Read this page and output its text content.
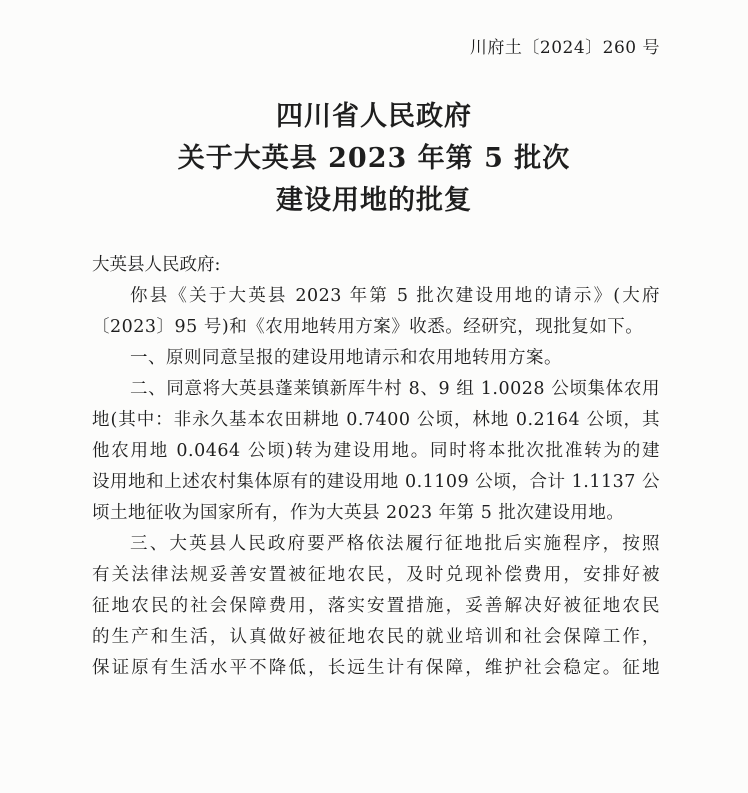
川府土〔2024〕260 号
四川省人民政府
关于大英县 2023 年第 5 批次
建设用地的批复
大英县人民政府:
你县《关于大英县 2023 年第 5 批次建设用地的请示》(大府
〔2023〕95 号)和《农用地转用方案》收悉。经研究，现批复如下。
一、原则同意呈报的建设用地请示和农用地转用方案。
二、同意将大英县蓬莱镇新厍牛村 8、9 组 1.0028 公顷集体农用
地(其中：非永久基本农田耕地 0.7400 公顷，林地 0.2164 公顷，其
他农用地 0.0464 公顷)转为建设用地。同时将本批次批准转为的建
设用地和上述农村集体原有的建设用地 0.1109 公顷，合计 1.1137 公
顷土地征收为国家所有，作为大英县 2023 年第 5 批次建设用地。
三、大英县人民政府要严格依法履行征地批后实施程序，按照
有关法律法规妥善安置被征地农民，及时兑现补偿费用，安排好被
征地农民的社会保障费用，落实安置措施，妥善解决好被征地农民
的生产和生活，认真做好被征地农民的就业培训和社会保障工作，
保证原有生活水平不降低，长远生计有保障，维护社会稳定。征地
